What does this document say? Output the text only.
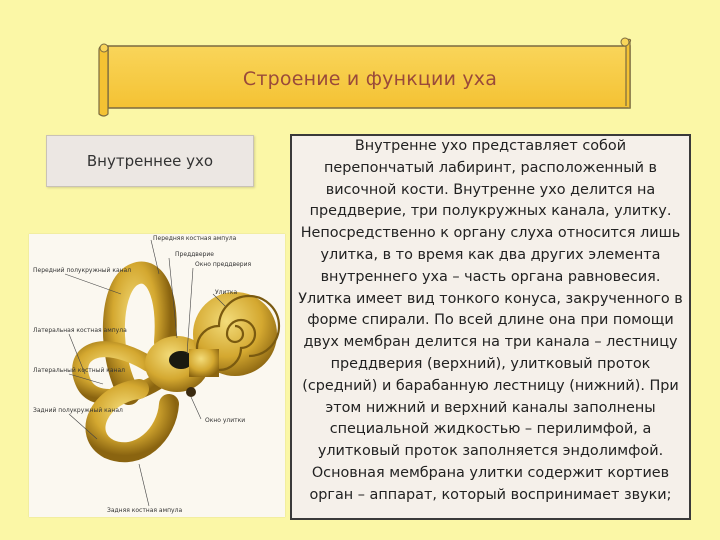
Строение и функции уха
Внутреннее ухо
Передняя костная ампула
Передний полукружный канал
Преддверие
Окно преддверия
Улитка
Латеральная костная ампула
Латеральный костный канал
Задний полукружный канал
Окно улитки
Задняя костная ампула

Внутренне ухо представляет собой перепончатый лабиринт, расположенный в височной кости. Внутренне ухо делится на преддверие, три полукружных канала, улитку. Непосредственно к органу слуха относится лишь улитка, в то время как два других элемента внутреннего уха – часть органа равновесия. Улитка имеет вид тонкого конуса, закрученного в форме спирали. По всей длине она при помощи двух мембран делится на три канала – лестницу преддверия (верхний), улитковый проток (средний) и барабанную лестницу (нижний). При этом нижний и верхний каналы заполнены специальной жидкостью – перилимфой, а улитковый проток заполняется эндолимфой. Основная мембрана улитки содержит кортиев орган – аппарат, который воспринимает звуки;
